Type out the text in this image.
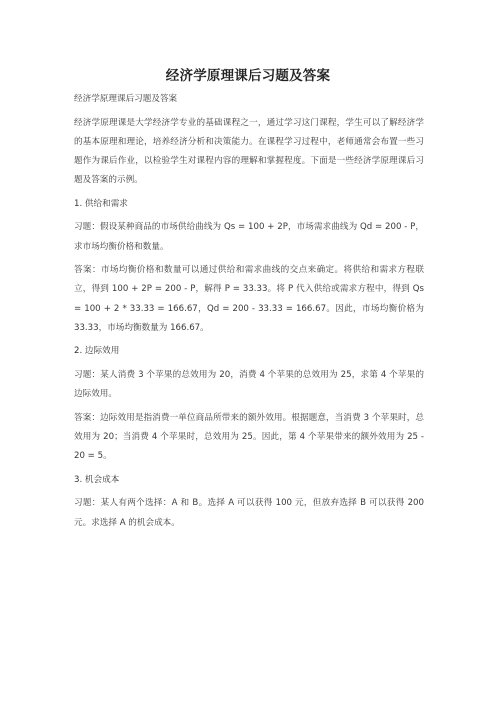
经济学原理课后习题及答案

经济学原理课后习题及答案

经济学原理课是大学经济学专业的基础课程之一，通过学习这门课程，学生可以了解经济学的基本原理和理论，培养经济分析和决策能力。在课程学习过程中，老师通常会布置一些习题作为课后作业，以检验学生对课程内容的理解和掌握程度。下面是一些经济学原理课后习题及答案的示例。

1. 供给和需求

习题：假设某种商品的市场供给曲线为 Qs = 100 + 2P，市场需求曲线为 Qd = 200 - P，求市场均衡价格和数量。

答案：市场均衡价格和数量可以通过供给和需求曲线的交点来确定。将供给和需求方程联立，得到 100 + 2P = 200 - P，解得 P = 33.33。将 P 代入供给或需求方程中，得到 Qs = 100 + 2 * 33.33 = 166.67，Qd = 200 - 33.33 = 166.67。因此，市场均衡价格为 33.33，市场均衡数量为 166.67。

2. 边际效用

习题：某人消费 3 个苹果的总效用为 20，消费 4 个苹果的总效用为 25，求第 4 个苹果的边际效用。

答案：边际效用是指消费一单位商品所带来的额外效用。根据题意，当消费 3 个苹果时，总效用为 20；当消费 4 个苹果时，总效用为 25。因此，第 4 个苹果带来的额外效用为 25 - 20 = 5。

3. 机会成本

习题：某人有两个选择：A 和 B。选择 A 可以获得 100 元，但放弃选择 B 可以获得 200 元。求选择 A 的机会成本。
